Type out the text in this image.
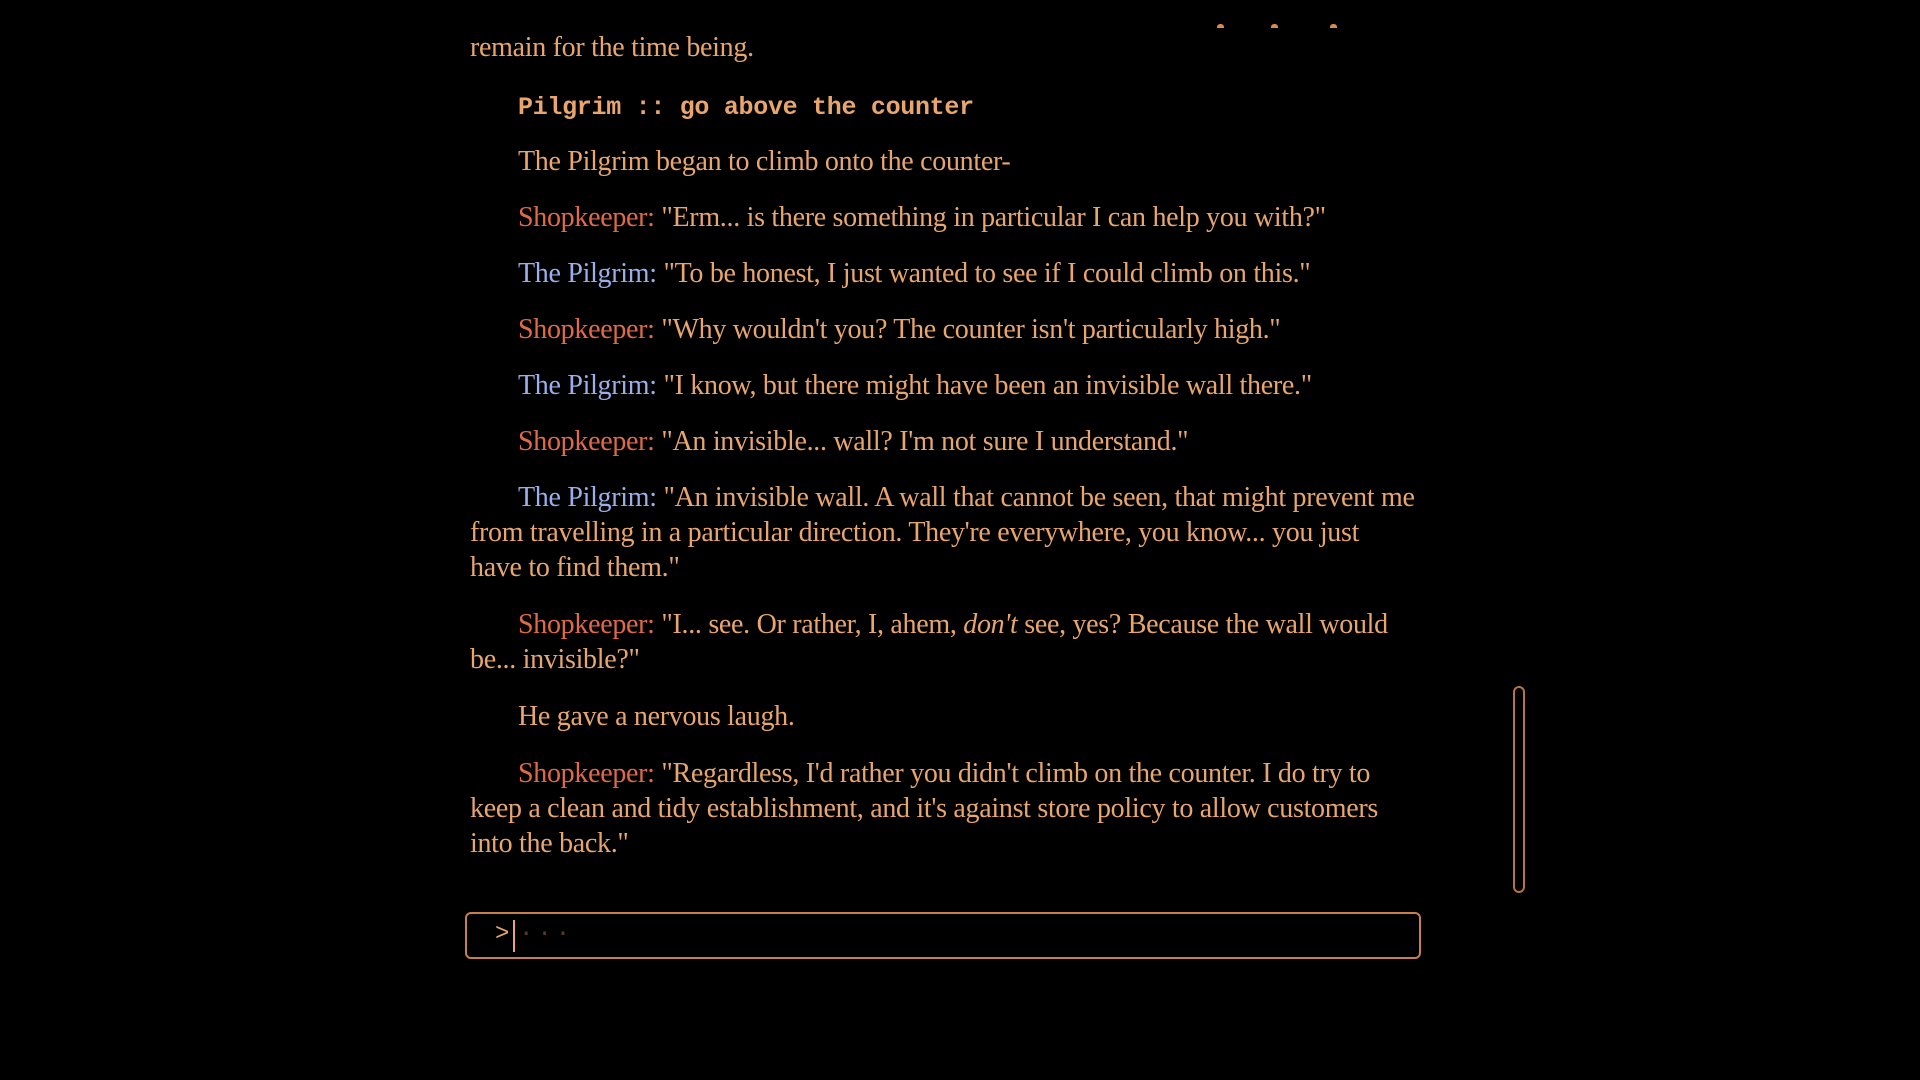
remain for the time being.

Pilgrim :: go above the counter

The Pilgrim began to climb onto the counter-

Shopkeeper: "Erm... is there something in particular I can help you with?"

The Pilgrim: "To be honest, I just wanted to see if I could climb on this."

Shopkeeper: "Why wouldn't you? The counter isn't particularly high."

The Pilgrim: "I know, but there might have been an invisible wall there."

Shopkeeper: "An invisible... wall? I'm not sure I understand."

The Pilgrim: "An invisible wall. A wall that cannot be seen, that might prevent me from travelling in a particular direction. They're everywhere, you know... you just have to find them."

Shopkeeper: "I... see. Or rather, I, ahem, don't see, yes? Because the wall would be... invisible?"

He gave a nervous laugh.

Shopkeeper: "Regardless, I'd rather you didn't climb on the counter. I do try to keep a clean and tidy establishment, and it's against store policy to allow customers into the back."

> ...
